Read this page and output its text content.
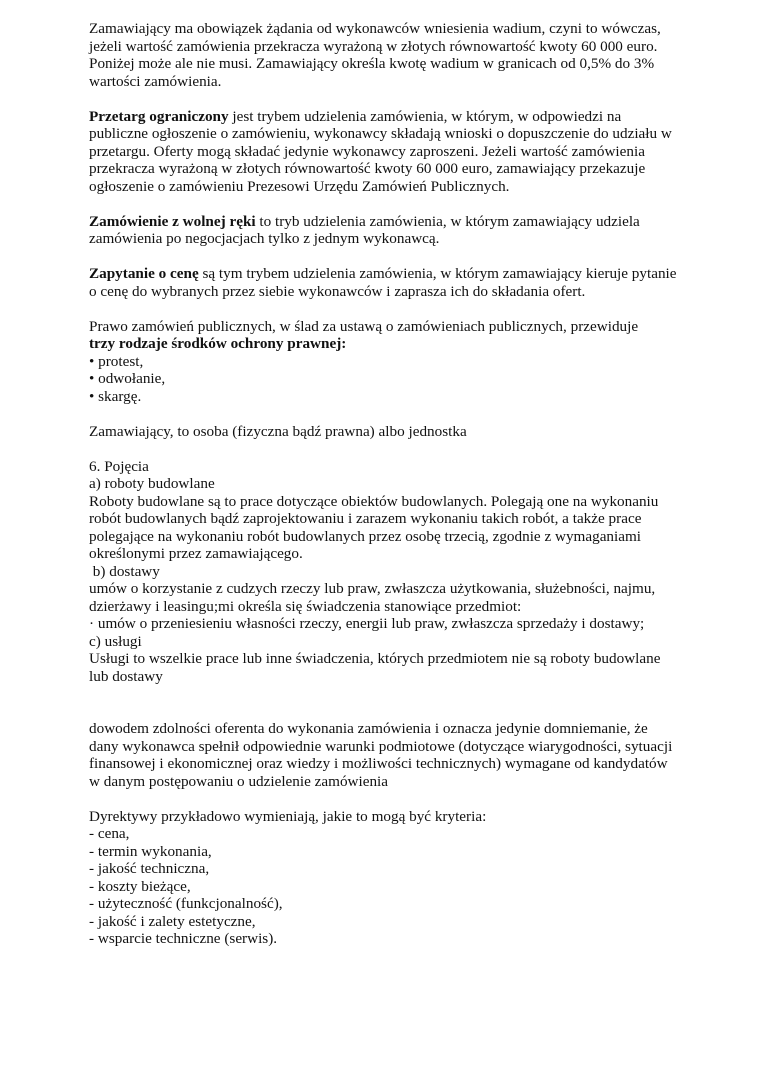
Zamawiający ma obowiązek żądania od wykonawców wniesienia wadium, czyni to wówczas, jeżeli wartość zamówienia przekracza wyrażoną w złotych równowartość kwoty 60 000 euro. Poniżej może ale nie musi. Zamawiający określa kwotę wadium w granicach od 0,5% do 3% wartości zamówienia.

Przetarg ograniczony jest trybem udzielenia zamówienia, w którym, w odpowiedzi na publiczne ogłoszenie o zamówieniu, wykonawcy składają wnioski o dopuszczenie do udziału w przetargu. Oferty mogą składać jedynie wykonawcy zaproszeni. Jeżeli wartość zamówienia przekracza wyrażoną w złotych równowartość kwoty 60 000 euro, zamawiający przekazuje ogłoszenie o zamówieniu Prezesowi Urzędu Zamówień Publicznych.

Zamówienie z wolnej ręki to tryb udzielenia zamówienia, w którym zamawiający udziela zamówienia po negocjacjach tylko z jednym wykonawcą.

Zapytanie o cenę są tym trybem udzielenia zamówienia, w którym zamawiający kieruje pytanie o cenę do wybranych przez siebie wykonawców i zaprasza ich do składania ofert.

Prawo zamówień publicznych, w ślad za ustawą o zamówieniach publicznych, przewiduje
trzy rodzaje środków ochrony prawnej:

• protest,

• odwołanie,

• skargę.

Zamawiający, to osoba (fizyczna bądź prawna) albo jednostka

6. Pojęcia

a) roboty budowlane

Roboty budowlane są to prace dotyczące obiektów budowlanych. Polegają one na wykonaniu robót budowlanych bądź zaprojektowaniu i zarazem wykonaniu takich robót, a także prace polegające na wykonaniu robót budowlanych przez osobę trzecią, zgodnie z wymaganiami określonymi przez zamawiającego.

b) dostawy

umów o korzystanie z cudzych rzeczy lub praw, zwłaszcza użytkowania, służebności, najmu, dzierżawy i leasingu;mi określa się świadczenia stanowiące przedmiot:

· umów o przeniesieniu własności rzeczy, energii lub praw, zwłaszcza sprzedaży i dostawy;

c) usługi

Usługi to wszelkie prace lub inne świadczenia, których przedmiotem nie są roboty budowlane lub dostawy

dowodem zdolności oferenta do wykonania zamówienia i oznacza jedynie domniemanie, że dany wykonawca spełnił odpowiednie warunki podmiotowe (dotyczące wiarygodności, sytuacji finansowej i ekonomicznej oraz wiedzy i możliwości technicznych) wymagane od kandydatów w danym postępowaniu o udzielenie zamówienia

Dyrektywy przykładowo wymieniają, jakie to mogą być kryteria:

- cena,

- termin wykonania,

- jakość techniczna,

- koszty bieżące,

- użyteczność (funkcjonalność),

- jakość i zalety estetyczne,

- wsparcie techniczne (serwis).
